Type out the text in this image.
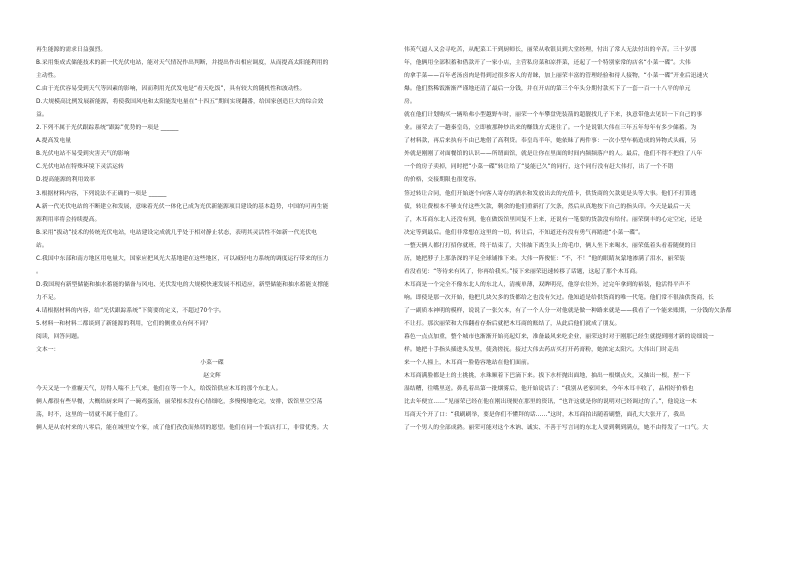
再生能源的需求日益强烈。
B.采用集成式储能技术的新一代光伏电站，能对天气情况作出判断，并提出作出相应调度，从而提高太阳能利用的
主动性。
C.由于光伏容易受到天气等因素的影响，因而利用光伏发电是“看天吃饭”，具有较大的随机性和波动性。
D.大规模高比例发展新能源，将使我国风电和太阳能发电量在“十四五”期间实现翻番，给国家创造巨大的综合效
益。
2.下列不属于光伏跟踪系统“跟踪”优势的一项是 ______
A.提高发电量
B.光伏电站不易受到灾害天气的影响
C.光伏电站在特殊环境下灵活运转
D.提高能源的利用效率
3.根据材料内容，下列说法不正确的一项是 ______
A.新一代光伏电站的不断建立和发展，意味着光伏一体化已成为光伏新能源项目建设的基本趋势，中国的可再生能
源利用率将会持续提高。
B.采用“拔动”技术的传统光伏电站，电站建设完成就几乎处于相对静止状态，表明其灵活性不如新一代光伏电
站。
C.我国中东部和南方地区用电量大，国家应把风光大基地建在这些地区，可以减轻电力系统的调度运行带来的压力
。
D.我国现有新型储能和抽水蓄能的储备与风电、光伏发电的大规模快速发展不相适应，新型储能和抽水蓄能支撑能
力不足。
4.请根据材料的内容，给“光伏跟踪系统”下简要的定义，不超过70个字。
5.材料一和材料二都谈到了新能源的利用，它们的侧重点有何不同？
阅读，回答问题。
文本一：
小菜一碟
赵文辉
今天又是一个重霾天气，厉得人喘不上气来，他们在等一个人，给饭馆供应木耳的那个东北人。
俩人都很有些早餐，大概给厨来叫了一碗鸡蛋汤，丽荣根本没有心情细吃，多慢慢地吃完，安排，饭馆里空空荡
荡，时不，这里的一切就不属于他们了。
俩人是从农村来的八零后，能在城里安个家，成了他们孜孜而热切的愿望。他们在同一个饭店打工，非常优秀。大
伟英气逼人又会寻吃苦，从配菜工干到厨师长，丽荣从收银员到大堂经理，付出了常人无法付出的辛苦。三十岁那
年，他俩用全部积蓄和借款开了一家小店，主营私房菜和凉拌菜，还起了一个特别家常的店名“小菜一碟”。大伟
的拿手菜——百年老汤卤肉是得到过很多客人的青睐，加上丽荣丰富的管理经验和待人接物，“小菜一碟”开业后迅速火
爆。他们熬稀饭渐渐严谨地还清了最后一分钱，并在开店的第三个年头分期付款买下了一套一百一十八平的单元
房。
就在他们计划购买一辆哈弗小型越野车时，丽荣一个车攀盘兜装箭的超靓找几子下来，执意带他去见识一下自己的事
业。丽荣去了一趟秦皇岛，立即被那种炒出来的赚钱方式迷住了。一个是说银大伟在三年五年每年有多少储蓄。为
了材料款，再后来执有不由已地借了高利贷。奉皇岛半年，她依昧了两件事：一次小型车祸造成的异物式头痛，另
外就是刚刚了对面餐馆的认识——所谓面馆，就是让你在里面的时间内频频落户的人。最后，他们不得不把住了八年
一个的房子卖掉，同时把“小菜一碟”转让给了“曼能已久”的同行，这个同行没有赶大伟打，出了一个不错
的价格，交接期限也很宽容。
签过转让合同，他们开始逐个向客人寄存的酒水和发放出去的充值卡，供货商的欠款更是头等大事。他们不打算逃
债，转让费根本不够支付这些欠款，剩余的他们重新打了欠条，然后从真地按下自己的指头印。今天是最后一天
了，木耳商东北人还没有到，他在做饭馆里回复不上来，还说有一笔要的货款没有给付。丽荣倒丰的心定空定，还是
决定等到最后。他们非常想在这里的一切，转让后，不知道还有没有勇气再踏进“小菜一碟”。
一整天俩人都打打招你就班，终于结束了，大伟抽下离生头上的毛巾，俩人坐下来喝水，丽荣低着头看着随便的日
历，她把脖子上那条深的平足全球铺推下来。大伟一阵俊怔：“不，不！”他的眼睛灰蒙地渗满了泪水，丽荣装
看没看见：“等待来有风了，你再给我买。”接下来丽荣迅速转移了话题，这起了那个木耳商。
木耳商是一个完全不像东北人的东北人，清瘦单薄，双眸明亮，他穿衣往外，过完年拿到的裕装，他活得平声不
响。即使是那一次开始，他把几块欠多的货都给之也没有欠过。他知道是给供货商的唯一代笔。他们常不很油供货商，长
了一副质本神明的模样，说说了一张欠本，有了一个人分一对他就是做一种路来就是——我看了一个能来账期，一分钱的欠条都
不让打。那次丽荣和大伟翻看存指后就把木耳商的账结了，从此后他们就成了朋友。
暮色一点点加重，整个城市也渐渐开始亮起灯来，准备最风来吃企业，丽荣这时对于刚那已经生就提到刚才新的说细说一
样。她把十手指头插进头发里，使劲搓抚。接过大伟去药店买打开药膏粉，她浓定太阳穴。大伟出门时走出
来一个人撞上，木耳商一脸倦容地站在他们面前。
木耳商满脸都是土的土挑挑，水珠顺着下巴滴下来。拔下水杆抛出面地，抽出一根烟点火，又抽出一根，捏一下
湿结糟，往嘴里送。鼻孔着出第一批烟雾后，他开始说话了：“我别从老家回来，今年木耳丰收了，品相好价格也
比去年便宜……”见丽荣已经在他在刚出现便在那里的资讯，“也许这就是你的说明对已经调过的了。”，他说这一木
耳商天个开了口：“我刷刷举，要是你们不懂拜的话……”这时，木耳商拍出随着刷整，面孔大大张开了，我出
了一个男人的全部成熟。丽荣可能对这个木讷、诚实、不善于写言词的东北人要到剩到满点，她不由得发了一口气。大
